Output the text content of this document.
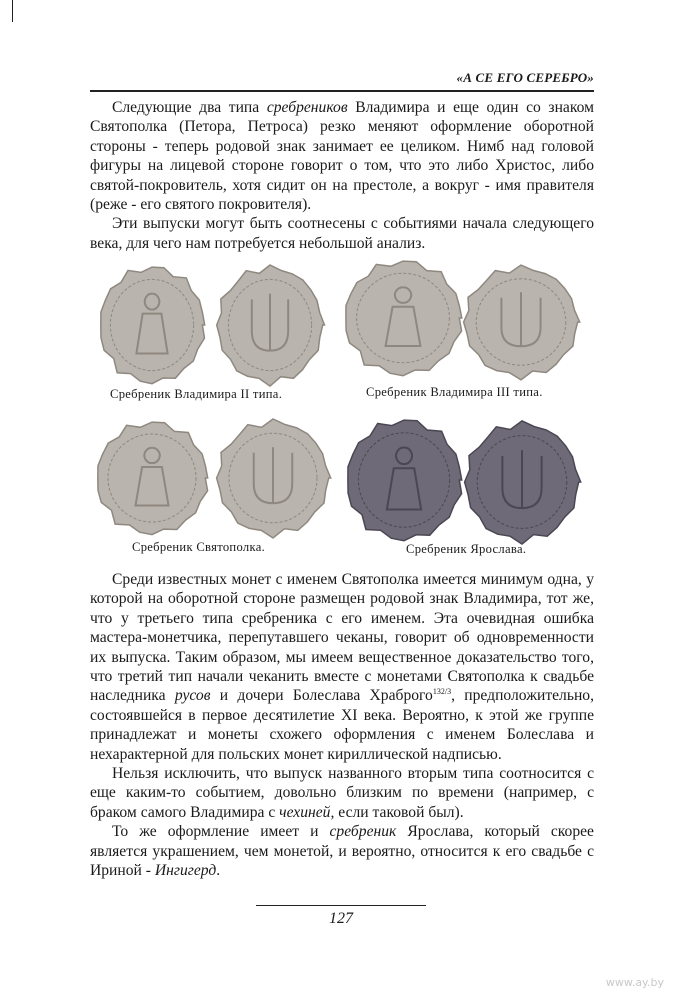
«А СЕ ЕГО СЕРЕБРО»

Следующие два типа сребреников Владимира и еще один со знаком Святополка (Петора, Петроса) резко меняют оформление оборотной стороны - теперь родовой знак занимает ее целиком. Нимб над головой фигуры на лицевой стороне говорит о том, что это либо Христос, либо святой-покровитель, хотя сидит он на престоле, а вокруг - имя правителя (реже - его святого покровителя).

Эти выпуски могут быть соотнесены с событиями начала следующего века, для чего нам потребуется небольшой анализ.

Сребреник Владимира II типа.	Сребреник Владимира III типа.
Сребреник Святополка.	Сребреник Ярослава.

Среди известных монет с именем Святополка имеется минимум одна, у которой на оборотной стороне размещен родовой знак Владимира, тот же, что у третьего типа сребреника с его именем. Эта очевидная ошибка мастера-монетчика, перепутавшего чеканы, говорит об одновременности их выпуска. Таким образом, мы имеем вещественное доказательство того, что третий тип начали чеканить вместе с монетами Святополка к свадьбе наследника русов и дочери Болеслава Храброго$^{132/3}$, предположительно, состоявшейся в первое десятилетие XI века. Вероятно, к этой же группе принадлежат и монеты схожего оформления с именем Болеслава и нехарактерной для польских монет кириллической надписью.

Нельзя исключить, что выпуск названного вторым типа соотносится с еще каким-то событием, довольно близким по времени (например, с браком самого Владимира с чехиней, если таковой был).

То же оформление имеет и сребреник Ярослава, который скорее является украшением, чем монетой, и вероятно, относится к его свадьбе с Ириной - Ингигерд.

127
www.ay.by
